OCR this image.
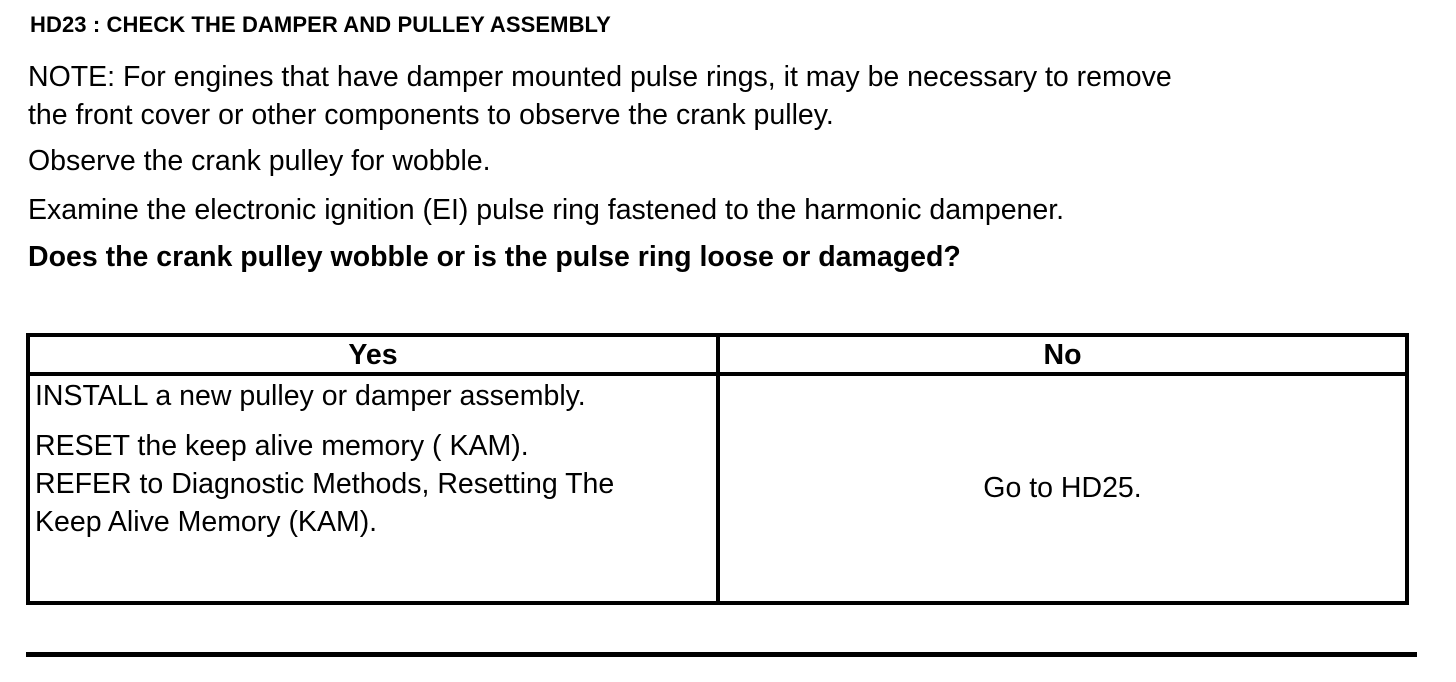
HD23 : CHECK THE DAMPER AND PULLEY ASSEMBLY
NOTE: For engines that have damper mounted pulse rings, it may be necessary to remove
the front cover or other components to observe the crank pulley.
Observe the crank pulley for wobble.
Examine the electronic ignition (EI) pulse ring fastened to the harmonic dampener.
Does the crank pulley wobble or is the pulse ring loose or damaged?
Yes	No

INSTALL a new pulley or damper assembly.
RESET the keep alive memory ( KAM).
REFER to Diagnostic Methods, Resetting The
Keep Alive Memory (KAM).	Go to HD25.
